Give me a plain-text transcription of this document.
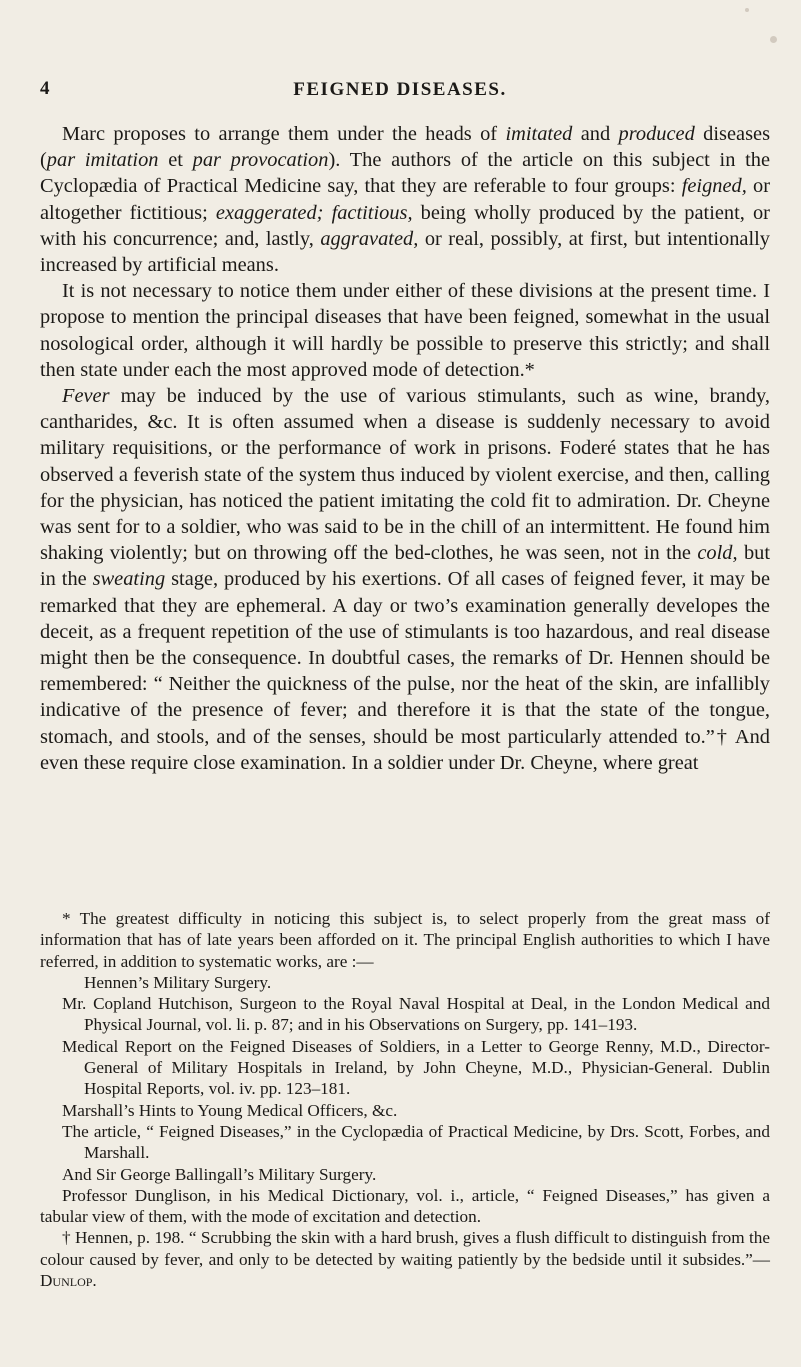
4	FEIGNED DISEASES.

Marc proposes to arrange them under the heads of imitated and produced diseases (par imitation et par provocation). The authors of the article on this subject in the Cyclopædia of Practical Medicine say, that they are referable to four groups: feigned, or altogether fictitious; exaggerated; factitious, being wholly produced by the patient, or with his concurrence; and, lastly, aggravated, or real, possibly, at first, but intentionally increased by artificial means.

It is not necessary to notice them under either of these divisions at the present time. I propose to mention the principal diseases that have been feigned, somewhat in the usual nosological order, although it will hardly be possible to preserve this strictly; and shall then state under each the most approved mode of detection.*

Fever may be induced by the use of various stimulants, such as wine, brandy, cantharides, &c. It is often assumed when a disease is suddenly necessary to avoid military requisitions, or the performance of work in prisons. Foderé states that he has observed a feverish state of the system thus induced by violent exercise, and then, calling for the physician, has noticed the patient imitating the cold fit to admiration. Dr. Cheyne was sent for to a soldier, who was said to be in the chill of an intermittent. He found him shaking violently; but on throwing off the bed-clothes, he was seen, not in the cold, but in the sweating stage, produced by his exertions. Of all cases of feigned fever, it may be remarked that they are ephemeral. A day or two’s examination generally developes the deceit, as a frequent repetition of the use of stimulants is too hazardous, and real disease might then be the consequence. In doubtful cases, the remarks of Dr. Hennen should be remembered: “ Neither the quickness of the pulse, nor the heat of the skin, are infallibly indicative of the presence of fever; and therefore it is that the state of the tongue, stomach, and stools, and of the senses, should be most particularly attended to.”† And even these require close examination. In a soldier under Dr. Cheyne, where great

* The greatest difficulty in noticing this subject is, to select properly from the great mass of information that has of late years been afforded on it. The principal English authorities to which I have referred, in addition to systematic works, are :—

Hennen’s Military Surgery.

Mr. Copland Hutchison, Surgeon to the Royal Naval Hospital at Deal, in the London Medical and Physical Journal, vol. li. p. 87; and in his Observations on Surgery, pp. 141–193.

Medical Report on the Feigned Diseases of Soldiers, in a Letter to George Renny, M.D., Director-General of Military Hospitals in Ireland, by John Cheyne, M.D., Physician-General. Dublin Hospital Reports, vol. iv. pp. 123–181.

Marshall’s Hints to Young Medical Officers, &c.

The article, “ Feigned Diseases,” in the Cyclopædia of Practical Medicine, by Drs. Scott, Forbes, and Marshall.

And Sir George Ballingall’s Military Surgery.

Professor Dunglison, in his Medical Dictionary, vol. i., article, “ Feigned Diseases,” has given a tabular view of them, with the mode of excitation and detection.

† Hennen, p. 198. “ Scrubbing the skin with a hard brush, gives a flush difficult to distinguish from the colour caused by fever, and only to be detected by waiting patiently by the bedside until it subsides.”—Dunlop.
